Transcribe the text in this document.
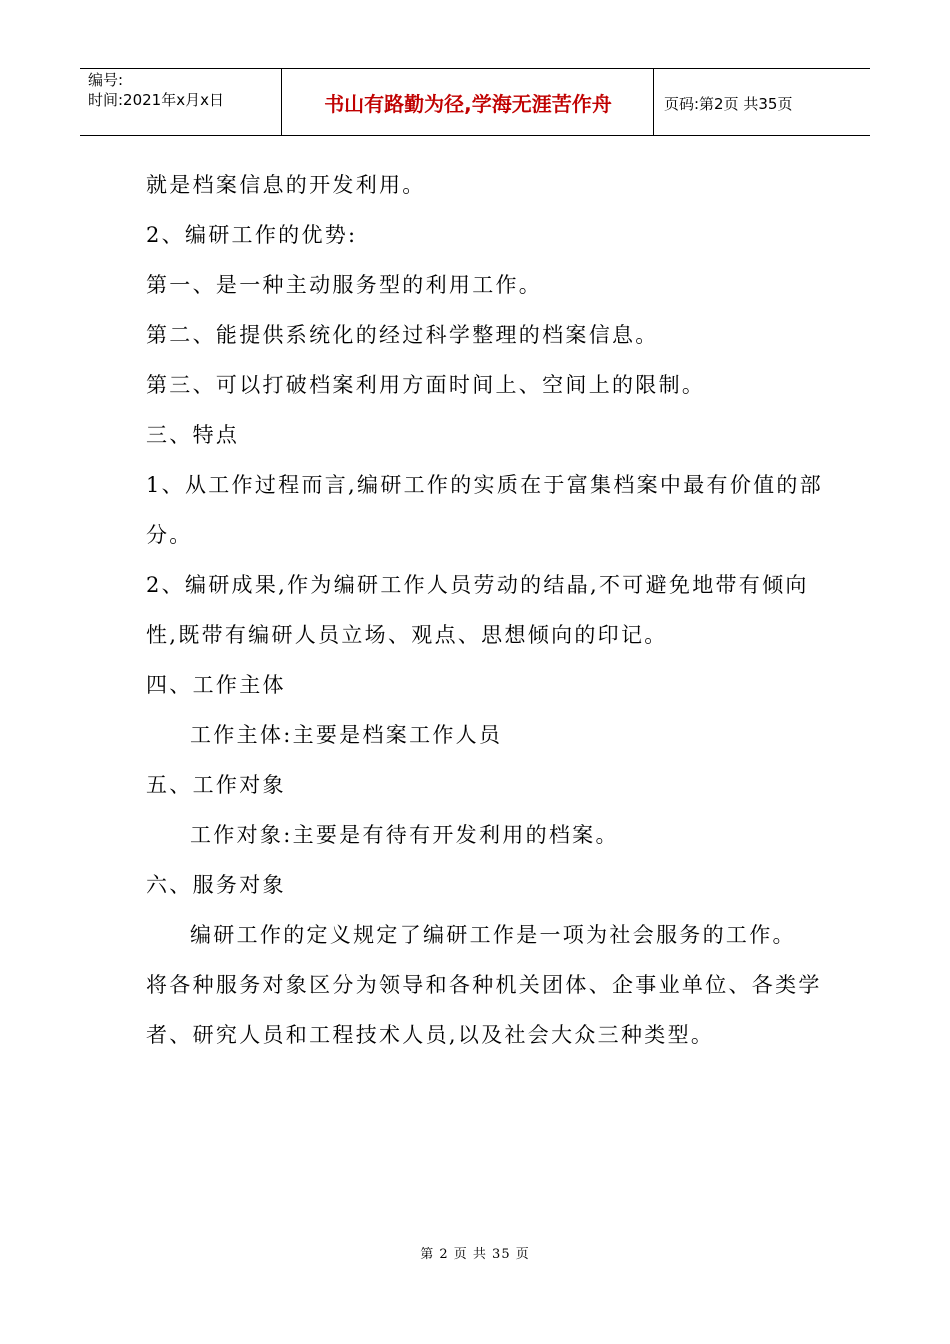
编号:
时间:2021年x月x日	书山有路勤为径,学海无涯苦作舟	页码:第2页 共35页
就是档案信息的开发利用。
2、编研工作的优势:
第一、是一种主动服务型的利用工作。
第二、能提供系统化的经过科学整理的档案信息。
第三、可以打破档案利用方面时间上、空间上的限制。
三、特点
1、从工作过程而言,编研工作的实质在于富集档案中最有价值的部
分。
2、编研成果,作为编研工作人员劳动的结晶,不可避免地带有倾向
性,既带有编研人员立场、观点、思想倾向的印记。
四、工作主体
工作主体:主要是档案工作人员
五、工作对象
工作对象:主要是有待有开发利用的档案。
六、服务对象
编研工作的定义规定了编研工作是一项为社会服务的工作。
将各种服务对象区分为领导和各种机关团体、企事业单位、各类学
者、研究人员和工程技术人员,以及社会大众三种类型。
第 2 页 共 35 页
